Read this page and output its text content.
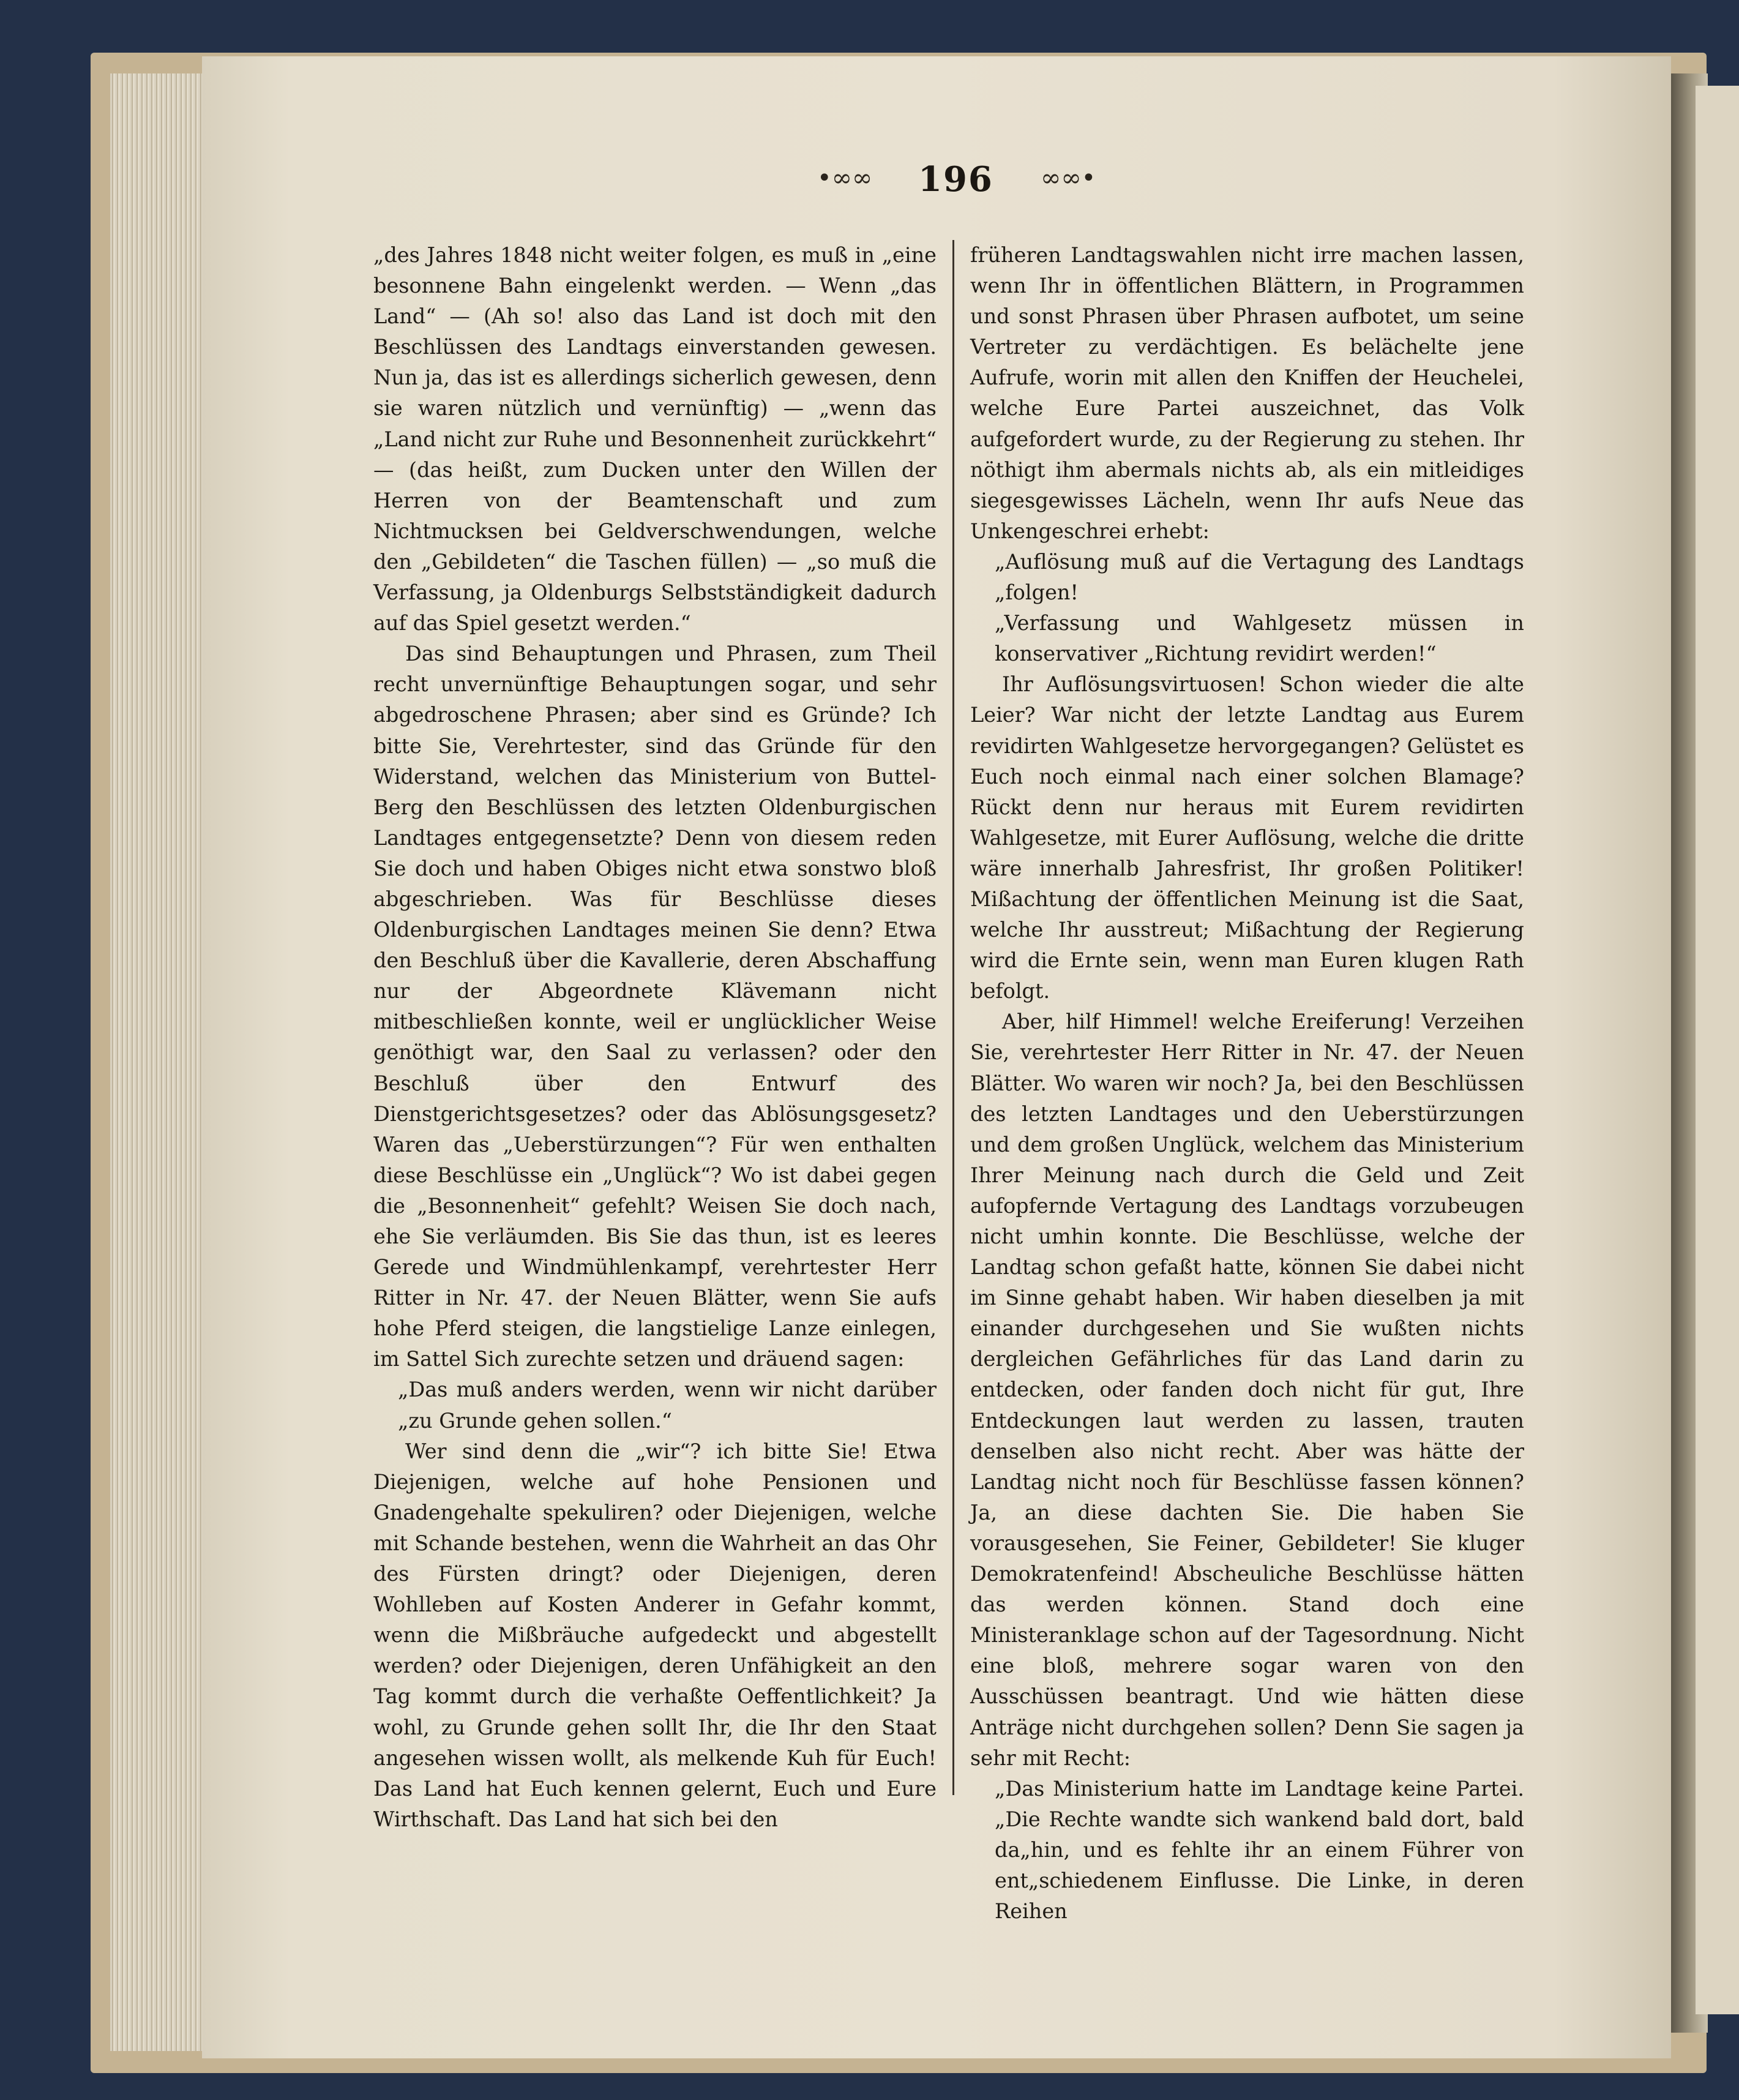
•∞∞ 196 ∞∞•

„des Jahres 1848 nicht weiter folgen, es muß in „eine besonnene Bahn eingelenkt werden. — Wenn „das Land“ — (Ah so! also das Land ist doch mit den Beschlüssen des Landtags einverstanden gewesen. Nun ja, das ist es allerdings sicherlich gewesen, denn sie waren nützlich und vernünftig) — „wenn das „Land nicht zur Ruhe und Besonnenheit zurückkehrt“ — (das heißt, zum Ducken unter den Willen der Herren von der Beamtenschaft und zum Nichtmucksen bei Geldverschwendungen, welche den „Gebildeten“ die Taschen füllen) — „so muß die Verfassung, ja Oldenburgs Selbstständigkeit dadurch auf das Spiel gesetzt werden.“

Das sind Behauptungen und Phrasen, zum Theil recht unvernünftige Behauptungen sogar, und sehr abgedroschene Phrasen; aber sind es Gründe? Ich bitte Sie, Verehrtester, sind das Gründe für den Widerstand, welchen das Ministerium von Buttel-Berg den Beschlüssen des letzten Oldenburgischen Landtages entgegensetzte? Denn von diesem reden Sie doch und haben Obiges nicht etwa sonstwo bloß abgeschrieben. Was für Beschlüsse dieses Oldenburgischen Landtages meinen Sie denn? Etwa den Beschluß über die Kavallerie, deren Abschaffung nur der Abgeordnete Klävemann nicht mitbeschließen konnte, weil er unglücklicher Weise genöthigt war, den Saal zu verlassen? oder den Beschluß über den Entwurf des Dienstgerichtsgesetzes? oder das Ablösungsgesetz? Waren das „Ueberstürzungen“? Für wen enthalten diese Beschlüsse ein „Unglück“? Wo ist dabei gegen die „Besonnenheit“ gefehlt? Weisen Sie doch nach, ehe Sie verläumden. Bis Sie das thun, ist es leeres Gerede und Windmühlenkampf, verehrtester Herr Ritter in Nr. 47. der Neuen Blätter, wenn Sie aufs hohe Pferd steigen, die langstielige Lanze einlegen, im Sattel Sich zurechte setzen und dräuend sagen:

„Das muß anders werden, wenn wir nicht darüber „zu Grunde gehen sollen.“

Wer sind denn die „wir“? ich bitte Sie! Etwa Diejenigen, welche auf hohe Pensionen und Gnadengehalte spekuliren? oder Diejenigen, welche mit Schande bestehen, wenn die Wahrheit an das Ohr des Fürsten dringt? oder Diejenigen, deren Wohlleben auf Kosten Anderer in Gefahr kommt, wenn die Mißbräuche aufgedeckt und abgestellt werden? oder Diejenigen, deren Unfähigkeit an den Tag kommt durch die verhaßte Oeffentlichkeit? Ja wohl, zu Grunde gehen sollt Ihr, die Ihr den Staat angesehen wissen wollt, als melkende Kuh für Euch! Das Land hat Euch kennen gelernt, Euch und Eure Wirthschaft. Das Land hat sich bei den

früheren Landtagswahlen nicht irre machen lassen, wenn Ihr in öffentlichen Blättern, in Programmen und sonst Phrasen über Phrasen aufbotet, um seine Vertreter zu verdächtigen. Es belächelte jene Aufrufe, worin mit allen den Kniffen der Heuchelei, welche Eure Partei auszeichnet, das Volk aufgefordert wurde, zu der Regierung zu stehen. Ihr nöthigt ihm abermals nichts ab, als ein mitleidiges siegesgewisses Lächeln, wenn Ihr aufs Neue das Unkengeschrei erhebt:

„Auflösung muß auf die Vertagung des Landtags „folgen!

„Verfassung und Wahlgesetz müssen in konservativer „Richtung revidirt werden!“

Ihr Auflösungsvirtuosen! Schon wieder die alte Leier? War nicht der letzte Landtag aus Eurem revidirten Wahlgesetze hervorgegangen? Gelüstet es Euch noch einmal nach einer solchen Blamage? Rückt denn nur heraus mit Eurem revidirten Wahlgesetze, mit Eurer Auflösung, welche die dritte wäre innerhalb Jahresfrist, Ihr großen Politiker! Mißachtung der öffentlichen Meinung ist die Saat, welche Ihr ausstreut; Mißachtung der Regierung wird die Ernte sein, wenn man Euren klugen Rath befolgt.

Aber, hilf Himmel! welche Ereiferung! Verzeihen Sie, verehrtester Herr Ritter in Nr. 47. der Neuen Blätter. Wo waren wir noch? Ja, bei den Beschlüssen des letzten Landtages und den Ueberstürzungen und dem großen Unglück, welchem das Ministerium Ihrer Meinung nach durch die Geld und Zeit aufopfernde Vertagung des Landtags vorzubeugen nicht umhin konnte. Die Beschlüsse, welche der Landtag schon gefaßt hatte, können Sie dabei nicht im Sinne gehabt haben. Wir haben dieselben ja mit einander durchgesehen und Sie wußten nichts dergleichen Gefährliches für das Land darin zu entdecken, oder fanden doch nicht für gut, Ihre Entdeckungen laut werden zu lassen, trauten denselben also nicht recht. Aber was hätte der Landtag nicht noch für Beschlüsse fassen können? Ja, an diese dachten Sie. Die haben Sie vorausgesehen, Sie Feiner, Gebildeter! Sie kluger Demokratenfeind! Abscheuliche Beschlüsse hätten das werden können. Stand doch eine Ministeranklage schon auf der Tagesordnung. Nicht eine bloß, mehrere sogar waren von den Ausschüssen beantragt. Und wie hätten diese Anträge nicht durchgehen sollen? Denn Sie sagen ja sehr mit Recht:

„Das Ministerium hatte im Landtage keine Partei. „Die Rechte wandte sich wankend bald dort, bald da„hin, und es fehlte ihr an einem Führer von ent„schiedenem Einflusse. Die Linke, in deren Reihen
